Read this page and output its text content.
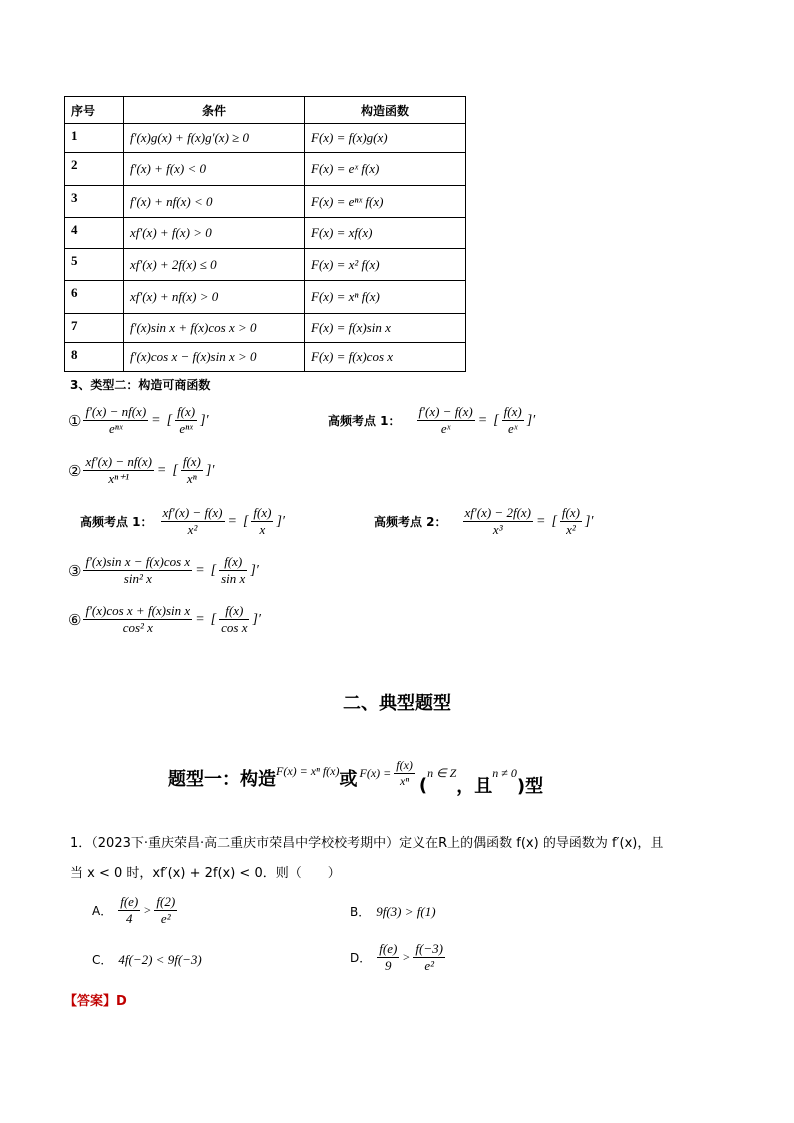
序号	条件	构造函数
1	f′(x)g(x) + f(x)g′(x) ≥ 0	F(x) = f(x)g(x)
2	f′(x) + f(x) < 0	F(x) = eˣ f(x)
3	f′(x) + nf(x) < 0	F(x) = eⁿˣ f(x)
4	xf′(x) + f(x) > 0	F(x) = xf(x)
5	xf′(x) + 2f(x) ≤ 0	F(x) = x² f(x)
6	xf′(x) + nf(x) > 0	F(x) = xⁿ f(x)
7	f′(x)sin x + f(x)cos x > 0	F(x) = f(x)sin x
8	f′(x)cos x − f(x)sin x > 0	F(x) = f(x)cos x
3、类型二：构造可商函数
① $\frac{f'(x) - nf(x)}{\text{eⁿˣ}}$ = [ $\frac{f(x)}{\text{eⁿˣ}}$ ]′	高频考点 1： $\frac{f'(x) - f(x)}{\text{eˣ}}$ = [ $\frac{f(x)}{\text{eˣ}}$ ]′
② $\frac{xf'(x) - nf(x)}{\text{xⁿ⁺¹}}$ = [ $\frac{f(x)}{\text{xⁿ}}$ ]′
高频考点 1： $\frac{xf'(x) - f(x)}{\text{x²}}$ = [ $\frac{f(x)}{x}$ ]′	高频考点 2： $\frac{xf'(x) - 2f(x)}{\text{x³}}$ = [ $\frac{f(x)}{\text{x²}}$ ]′
③ $\frac{\text{f′(x)sin x − f(x)cos x}}{\text{sin² x}}$ = [ $\frac{f(x)}{\text{sin x}}$ ]′
⑥ $\frac{\text{f′(x)cos x + f(x)sin x}}{\text{cos² x}}$ = [ $\frac{f(x)}{\text{cos x}}$ ]′
二、典型题型
题型一：构造 F(x) = xⁿ f(x) 或 $F(x) = \frac{f(x)}{\text{xⁿ}}$ (
n ∈ Z
，且
n ≠ 0
)型
1．（2023下·重庆荣昌·高二重庆市荣昌中学校校考期中）定义在R上的偶函数 f(x) 的导函数为 f′(x)，且
当 x < 0 时，xf′(x) + 2f(x) < 0．则（　　）
A． $\frac{f(e)}{4} > \frac{f(2)}{\text{e²}}$	B． 9f(3) > f(1)
C． 4f(−2) < 9f(−3)	D． $\frac{f(e)}{9} > \frac{f(-3)}{\text{e²}}$
【答案】D
